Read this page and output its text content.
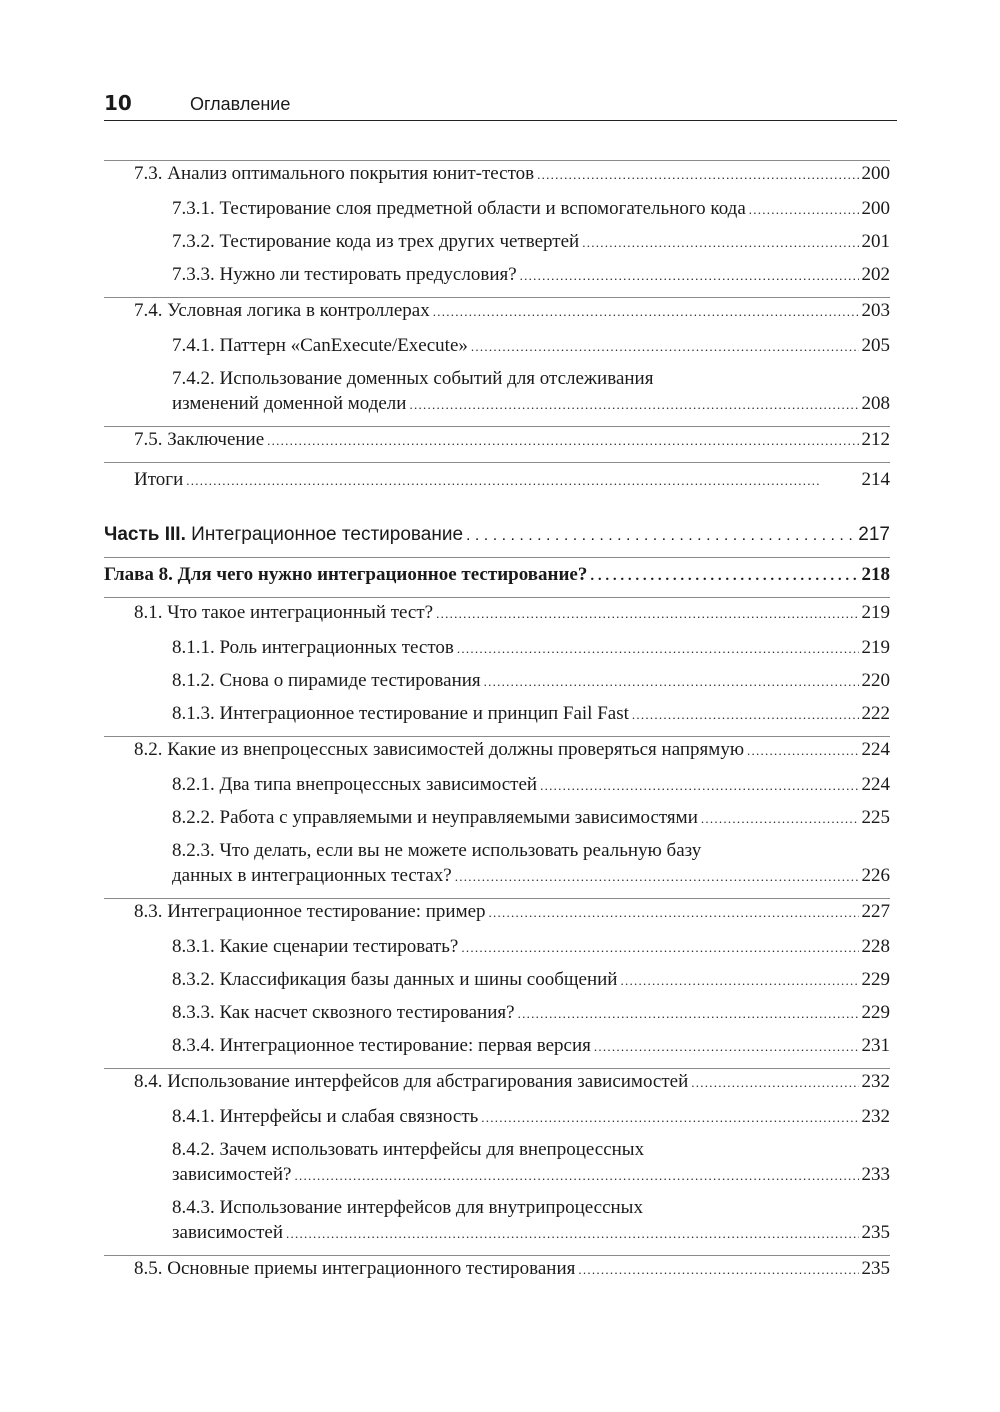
10	Оглавление
7.3. Анализ оптимального покрытия юнит-тестов . . .	200
7.3.1. Тестирование слоя предметной области и вспомогательного кода . . .	200
7.3.2. Тестирование кода из трех других четвертей . . .	201
7.3.3. Нужно ли тестировать предусловия? . . .	202
7.4. Условная логика в контроллерах . . .	203
7.4.1. Паттерн «CanExecute/Execute» . . .	205
7.4.2. Использование доменных событий для отслеживания
изменений доменной модели . . .	208
7.5. Заключение . . .	212
Итоги . . .	214
Часть III. Интеграционное тестирование . . .	217
Глава 8. Для чего нужно интеграционное тестирование? . . .	218
8.1. Что такое интеграционный тест? . . .	219
8.1.1. Роль интеграционных тестов . . .	219
8.1.2. Снова о пирамиде тестирования . . .	220
8.1.3. Интеграционное тестирование и принцип Fail Fast . . .	222
8.2. Какие из внепроцессных зависимостей должны проверяться напрямую . . .	224
8.2.1. Два типа внепроцессных зависимостей . . .	224
8.2.2. Работа с управляемыми и неуправляемыми зависимостями . . .	225
8.2.3. Что делать, если вы не можете использовать реальную базу
данных в интеграционных тестах? . . .	226
8.3. Интеграционное тестирование: пример . . .	227
8.3.1. Какие сценарии тестировать? . . .	228
8.3.2. Классификация базы данных и шины сообщений . . .	229
8.3.3. Как насчет сквозного тестирования? . . .	229
8.3.4. Интеграционное тестирование: первая версия . . .	231
8.4. Использование интерфейсов для абстрагирования зависимостей . . .	232
8.4.1. Интерфейсы и слабая связность . . .	232
8.4.2. Зачем использовать интерфейсы для внепроцессных
зависимостей? . . .	233
8.4.3. Использование интерфейсов для внутрипроцессных
зависимостей . . .	235
8.5. Основные приемы интеграционного тестирования . . .	235
